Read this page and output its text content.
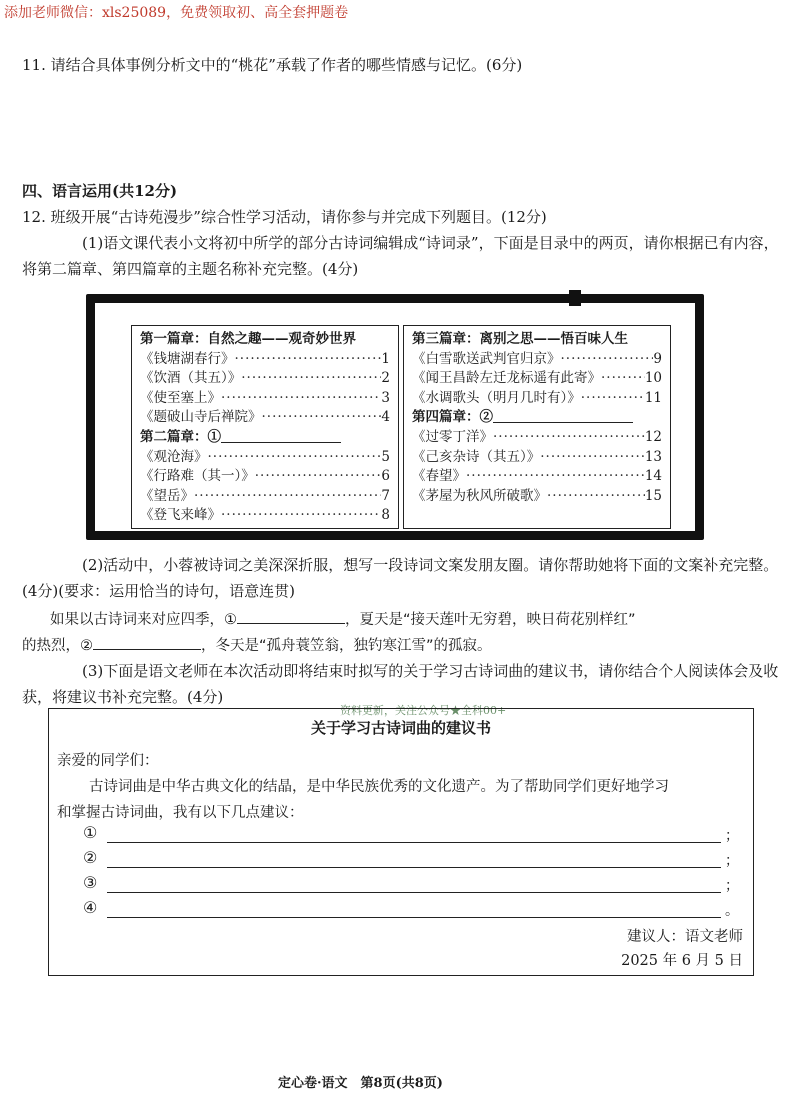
添加老师微信：xls25089，免费领取初、高全套押题卷
11. 请结合具体事例分析文中的“桃花”承载了作者的哪些情感与记忆。(6分)
四、语言运用(共12分)
12. 班级开展“古诗苑漫步”综合性学习活动，请你参与并完成下列题目。(12分)
(1)语文课代表小文将初中所学的部分古诗词编辑成“诗词录”，下面是目录中的两页，请你根据已有内容，将第二篇章、第四篇章的主题名称补充完整。(4分)
第一篇章：自然之趣——观奇妙世界
《钱塘湖春行》 ·····	1
《饮酒（其五）》 ·····	2
《使至塞上》 ·····	3
《题破山寺后禅院》 ·····	4
第二篇章：①
《观沧海》 ·····	5
《行路难（其一）》 ·····	6
《望岳》 ·····	7
《登飞来峰》 ·····	8
第三篇章：离别之思——悟百味人生
《白雪歌送武判官归京》 ·····	9
《闻王昌龄左迁龙标遥有此寄》 ·····	10
《水调歌头（明月几时有）》 ·····	11
第四篇章：②
《过零丁洋》 ·····	12
《己亥杂诗（其五）》 ·····	13
《春望》 ·····	14
《茅屋为秋风所破歌》 ·····	15
(2)活动中，小蓉被诗词之美深深折服，想写一段诗词文案发朋友圈。请你帮助她将下面的文案补充完整。(4分)(要求：运用恰当的诗句，语意连贯)
如果以古诗词来对应四季，①	，夏天是“接天莲叶无穷碧，映日荷花别样红”
的热烈，②	，冬天是“孤舟蓑笠翁，独钓寒江雪”的孤寂。
(3)下面是语文老师在本次活动即将结束时拟写的关于学习古诗词曲的建议书，请你结合个人阅读体会及收获，将建议书补充完整。(4分)
资料更新，关注公众号★全科00+
关于学习古诗词曲的建议书
亲爱的同学们：
古诗词曲是中华古典文化的结晶，是中华民族优秀的文化遗产。为了帮助同学们更好地学习
和掌握古诗词曲，我有以下几点建议：
①	；
②	；
③	；
④	。
建议人：语文老师
2025 年 6 月 5 日
定心卷·语文　第8页(共8页)
